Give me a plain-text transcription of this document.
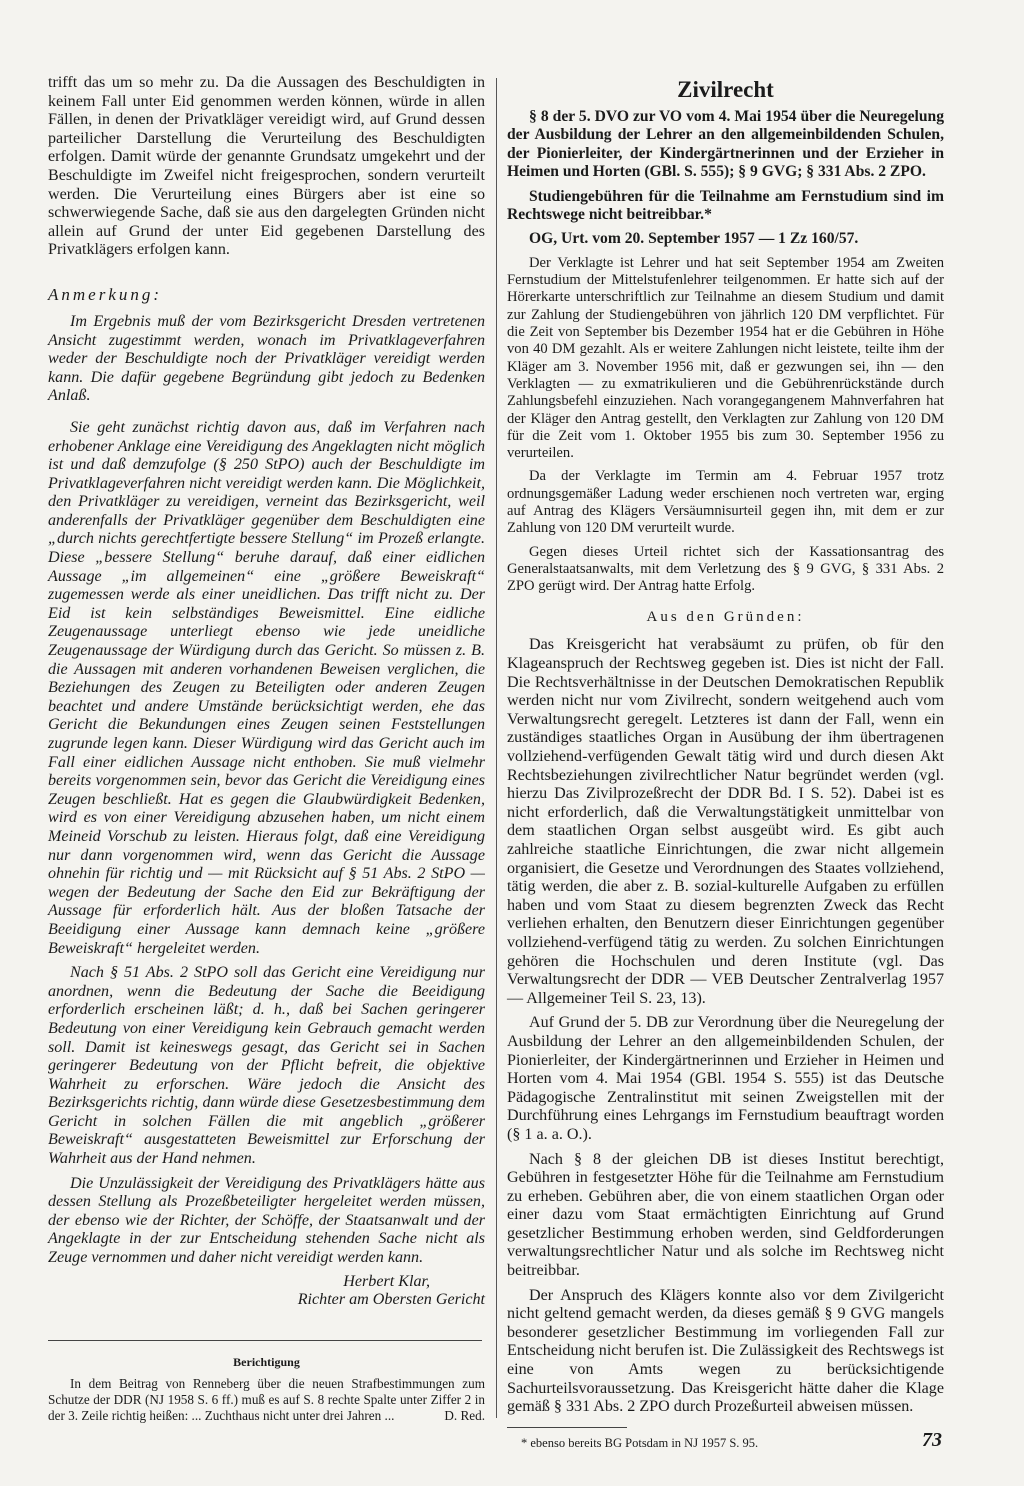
trifft das um so mehr zu. Da die Aussagen des Beschuldigten in keinem Fall unter Eid genommen werden können, würde in allen Fällen, in denen der Privatkläger vereidigt wird, auf Grund dessen parteilicher Darstellung die Verurteilung des Beschuldigten erfolgen. Damit würde der genannte Grundsatz umgekehrt und der Beschuldigte im Zweifel nicht freigesprochen, sondern verurteilt werden. Die Verurteilung eines Bürgers aber ist eine so schwerwiegende Sache, daß sie aus den dargelegten Gründen nicht allein auf Grund der unter Eid gegebenen Darstellung des Privatklägers erfolgen kann.

Anmerkung:

Im Ergebnis muß der vom Bezirksgericht Dresden vertretenen Ansicht zugestimmt werden, wonach im Privatklageverfahren weder der Beschuldigte noch der Privatkläger vereidigt werden kann. Die dafür gegebene Begründung gibt jedoch zu Bedenken Anlaß.

Sie geht zunächst richtig davon aus, daß im Verfahren nach erhobener Anklage eine Vereidigung des Angeklagten nicht möglich ist und daß demzufolge (§ 250 StPO) auch der Beschuldigte im Privatklageverfahren nicht vereidigt werden kann. Die Möglichkeit, den Privatkläger zu vereidigen, verneint das Bezirksgericht, weil anderenfalls der Privatkläger gegenüber dem Beschuldigten eine „durch nichts gerechtfertigte bessere Stellung“ im Prozeß erlangte. Diese „bessere Stellung“ beruhe darauf, daß einer eidlichen Aussage „im allgemeinen“ eine „größere Beweiskraft“ zugemessen werde als einer uneidlichen. Das trifft nicht zu. Der Eid ist kein selbständiges Beweismittel. Eine eidliche Zeugenaussage unterliegt ebenso wie jede uneidliche Zeugenaussage der Würdigung durch das Gericht. So müssen z. B. die Aussagen mit anderen vorhandenen Beweisen verglichen, die Beziehungen des Zeugen zu Beteiligten oder anderen Zeugen beachtet und andere Umstände berücksichtigt werden, ehe das Gericht die Bekundungen eines Zeugen seinen Feststellungen zugrunde legen kann. Dieser Würdigung wird das Gericht auch im Fall einer eidlichen Aussage nicht enthoben. Sie muß vielmehr bereits vorgenommen sein, bevor das Gericht die Vereidigung eines Zeugen beschließt. Hat es gegen die Glaubwürdigkeit Bedenken, wird es von einer Vereidigung abzusehen haben, um nicht einem Meineid Vorschub zu leisten. Hieraus folgt, daß eine Vereidigung nur dann vorgenommen wird, wenn das Gericht die Aussage ohnehin für richtig und — mit Rücksicht auf § 51 Abs. 2 StPO — wegen der Bedeutung der Sache den Eid zur Bekräftigung der Aussage für erforderlich hält. Aus der bloßen Tatsache der Beeidigung einer Aussage kann demnach keine „größere Beweiskraft“ hergeleitet werden.

Nach § 51 Abs. 2 StPO soll das Gericht eine Vereidigung nur anordnen, wenn die Bedeutung der Sache die Beeidigung erforderlich erscheinen läßt; d. h., daß bei Sachen geringerer Bedeutung von einer Vereidigung kein Gebrauch gemacht werden soll. Damit ist keineswegs gesagt, das Gericht sei in Sachen geringerer Bedeutung von der Pflicht befreit, die objektive Wahrheit zu erforschen. Wäre jedoch die Ansicht des Bezirksgerichts richtig, dann würde diese Gesetzesbestimmung dem Gericht in solchen Fällen die mit angeblich „größerer Beweiskraft“ ausgestatteten Beweismittel zur Erforschung der Wahrheit aus der Hand nehmen.

Die Unzulässigkeit der Vereidigung des Privatklägers hätte aus dessen Stellung als Prozeßbeteiligter hergeleitet werden müssen, der ebenso wie der Richter, der Schöffe, der Staatsanwalt und der Angeklagte in der zur Entscheidung stehenden Sache nicht als Zeuge vernommen und daher nicht vereidigt werden kann.

Herbert Klar,
Richter am Obersten Gericht
Berichtigung

In dem Beitrag von Renneberg über die neuen Strafbestimmungen zum Schutze der DDR (NJ 1958 S. 6 ff.) muß es auf S. 8 rechte Spalte unter Ziffer 2 in der 3. Zeile richtig heißen: ... Zuchthaus nicht unter drei Jahren ...	D. Red.

Zivilrecht

§ 8 der 5. DVO zur VO vom 4. Mai 1954 über die Neuregelung der Ausbildung der Lehrer an den allgemeinbildenden Schulen, der Pionierleiter, der Kindergärtnerinnen und der Erzieher in Heimen und Horten (GBl. S. 555); § 9 GVG; § 331 Abs. 2 ZPO.

Studiengebühren für die Teilnahme am Fernstudium sind im Rechtswege nicht beitreibbar.*

OG, Urt. vom 20. September 1957 — 1 Zz 160/57.

Der Verklagte ist Lehrer und hat seit September 1954 am Zweiten Fernstudium der Mittelstufenlehrer teilgenommen. Er hatte sich auf der Hörerkarte unterschriftlich zur Teilnahme an diesem Studium und damit zur Zahlung der Studiengebühren von jährlich 120 DM verpflichtet. Für die Zeit von September bis Dezember 1954 hat er die Gebühren in Höhe von 40 DM gezahlt. Als er weitere Zahlungen nicht leistete, teilte ihm der Kläger am 3. November 1956 mit, daß er gezwungen sei, ihn — den Verklagten — zu exmatrikulieren und die Gebührenrückstände durch Zahlungsbefehl einzuziehen. Nach vorangegangenem Mahnverfahren hat der Kläger den Antrag gestellt, den Verklagten zur Zahlung von 120 DM für die Zeit vom 1. Oktober 1955 bis zum 30. September 1956 zu verurteilen.

Da der Verklagte im Termin am 4. Februar 1957 trotz ordnungsgemäßer Ladung weder erschienen noch vertreten war, erging auf Antrag des Klägers Versäumnisurteil gegen ihn, mit dem er zur Zahlung von 120 DM verurteilt wurde.

Gegen dieses Urteil richtet sich der Kassationsantrag des Generalstaatsanwalts, mit dem Verletzung des § 9 GVG, § 331 Abs. 2 ZPO gerügt wird. Der Antrag hatte Erfolg.

Aus den Gründen:

Das Kreisgericht hat verabsäumt zu prüfen, ob für den Klageanspruch der Rechtsweg gegeben ist. Dies ist nicht der Fall. Die Rechtsverhältnisse in der Deutschen Demokratischen Republik werden nicht nur vom Zivilrecht, sondern weitgehend auch vom Verwaltungsrecht geregelt. Letzteres ist dann der Fall, wenn ein zuständiges staatliches Organ in Ausübung der ihm übertragenen vollziehend-verfügenden Gewalt tätig wird und durch diesen Akt Rechtsbeziehungen zivilrechtlicher Natur begründet werden (vgl. hierzu Das Zivilprozeßrecht der DDR Bd. I S. 52). Dabei ist es nicht erforderlich, daß die Verwaltungstätigkeit unmittelbar von dem staatlichen Organ selbst ausgeübt wird. Es gibt auch zahlreiche staatliche Einrichtungen, die zwar nicht allgemein organisiert, die Gesetze und Verordnungen des Staates vollziehend, tätig werden, die aber z. B. sozial-kulturelle Aufgaben zu erfüllen haben und vom Staat zu diesem begrenzten Zweck das Recht verliehen erhalten, den Benutzern dieser Einrichtungen gegenüber vollziehend-verfügend tätig zu werden. Zu solchen Einrichtungen gehören die Hochschulen und deren Institute (vgl. Das Verwaltungsrecht der DDR — VEB Deutscher Zentralverlag 1957 — Allgemeiner Teil S. 23, 13).

Auf Grund der 5. DB zur Verordnung über die Neuregelung der Ausbildung der Lehrer an den allgemeinbildenden Schulen, der Pionierleiter, der Kindergärtnerinnen und Erzieher in Heimen und Horten vom 4. Mai 1954 (GBl. 1954 S. 555) ist das Deutsche Pädagogische Zentralinstitut mit seinen Zweigstellen mit der Durchführung eines Lehrgangs im Fernstudium beauftragt worden (§ 1 a. a. O.).

Nach § 8 der gleichen DB ist dieses Institut berechtigt, Gebühren in festgesetzter Höhe für die Teilnahme am Fernstudium zu erheben. Gebühren aber, die von einem staatlichen Organ oder einer dazu vom Staat ermächtigten Einrichtung auf Grund gesetzlicher Bestimmung erhoben werden, sind Geldforderungen verwaltungsrechtlicher Natur und als solche im Rechtsweg nicht beitreibbar.

Der Anspruch des Klägers konnte also vor dem Zivilgericht nicht geltend gemacht werden, da dieses gemäß § 9 GVG mangels besonderer gesetzlicher Bestimmung im vorliegenden Fall zur Entscheidung nicht berufen ist. Die Zulässigkeit des Rechtswegs ist eine von Amts wegen zu berücksichtigende Sachurteilsvoraussetzung. Das Kreisgericht hätte daher die Klage gemäß § 331 Abs. 2 ZPO durch Prozeßurteil abweisen müssen.

* ebenso bereits BG Potsdam in NJ 1957 S. 95.	73
